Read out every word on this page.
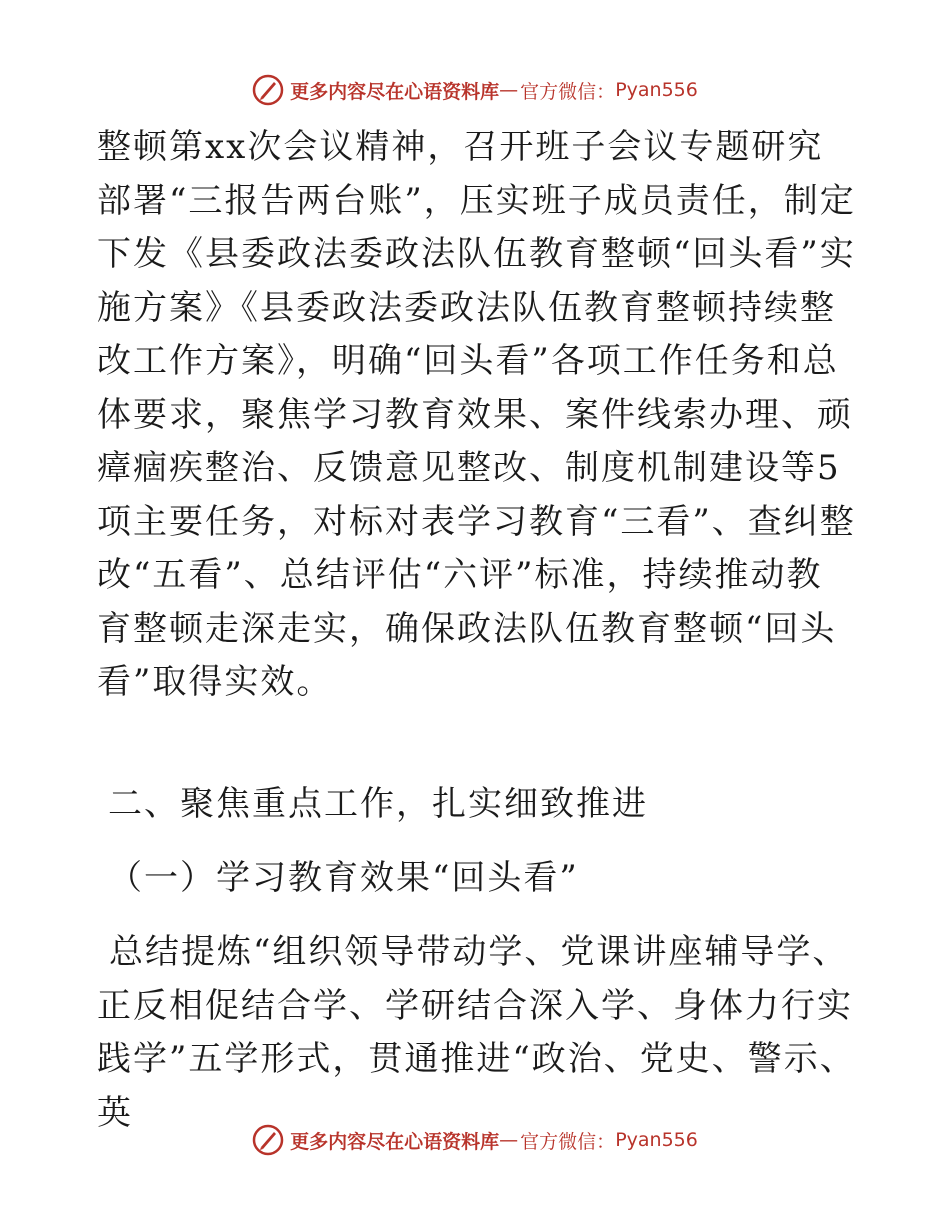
更多内容尽在心语资料库 — 官方微信： Pyan556

整顿第xx次会议精神，召开班子会议专题研究部署“三报告两台账”，压实班子成员责任，制定下发《县委政法委政法队伍教育整顿“回头看”实施方案》《县委政法委政法队伍教育整顿持续整改工作方案》，明确“回头看”各项工作任务和总体要求，聚焦学习教育效果、案件线索办理、顽瘴痼疾整治、反馈意见整改、制度机制建设等5项主要任务，对标对表学习教育“三看”、查纠整改“五看”、总结评估“六评”标准，持续推动教育整顿走深走实，确保政法队伍教育整顿“回头看”取得实效。

二、聚焦重点工作，扎实细致推进

（一）学习教育效果“回头看”

总结提炼“组织领导带动学、党课讲座辅导学、正反相促结合学、学研结合深入学、身体力行实践学”五学形式，贯通推进“政治、党史、警示、英

更多内容尽在心语资料库 — 官方微信： Pyan556
